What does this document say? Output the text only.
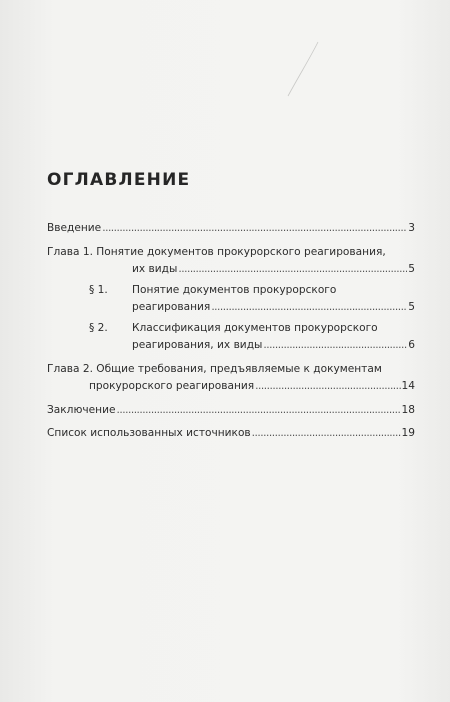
ОГЛАВЛЕНИЕ
Введение .....	3
Глава 1. Понятие документов прокурорского реагирования,
их виды .....	5
§ 1.	Понятие документов прокурорского
реагирования .....	5
§ 2.	Классификация документов прокурорского
реагирования, их виды .....	6
Глава 2. Общие требования, предъявляемые к документам
прокурорского реагирования .....	14
Заключение .....	18
Список использованных источников .....	19
